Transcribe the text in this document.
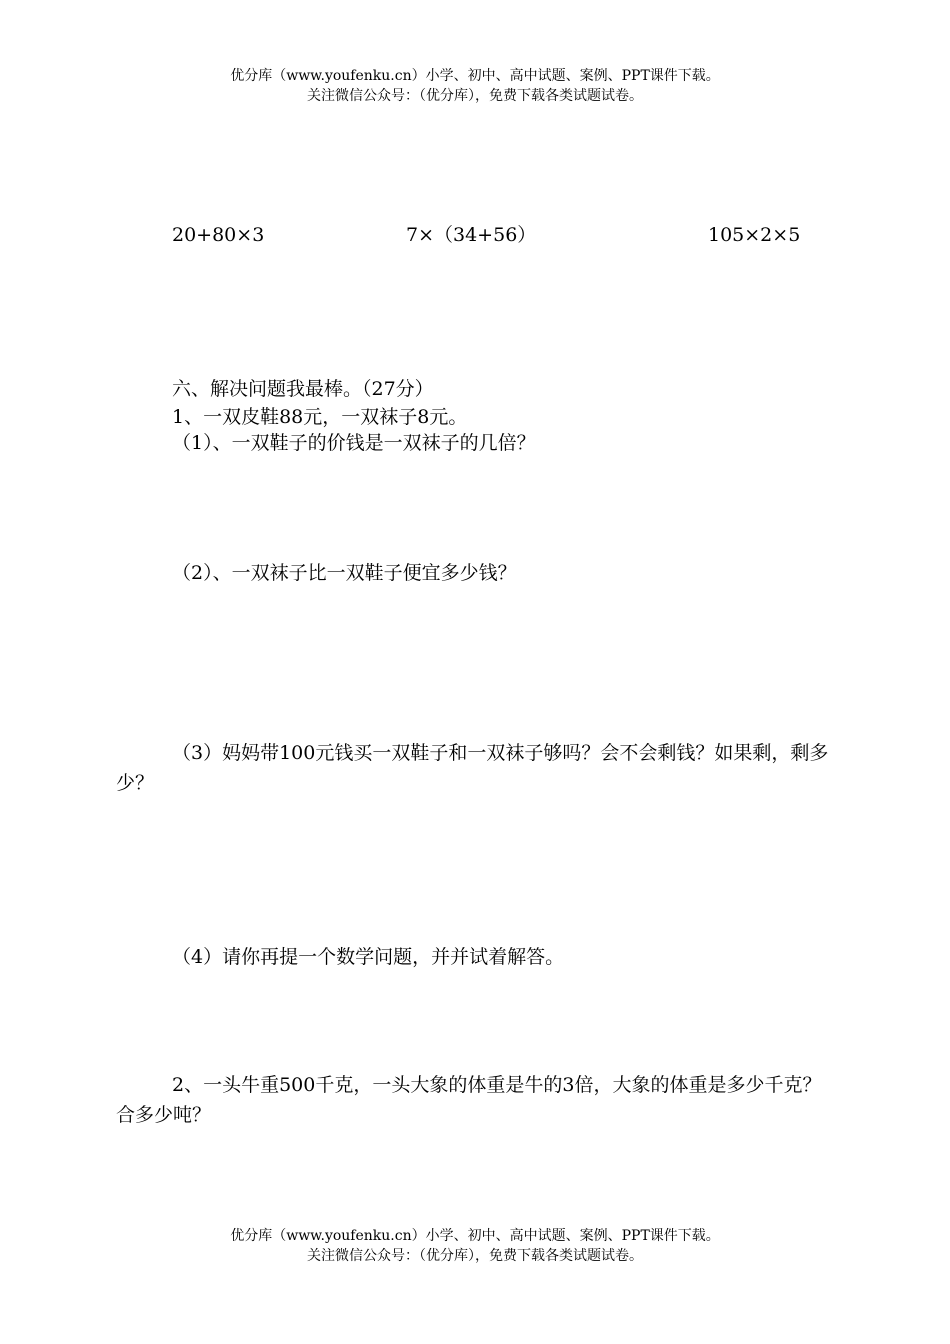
优分库（www.youfenku.cn）小学、初中、高中试题、案例、PPT课件下载。
关注微信公众号：（优分库），免费下载各类试题试卷。
20+80×3	7×（34+56）	105×2×5
六、解决问题我最棒。（27分）
1、一双皮鞋88元，一双袜子8元。
（1）、一双鞋子的价钱是一双袜子的几倍？
（2）、一双袜子比一双鞋子便宜多少钱？
（3）妈妈带100元钱买一双鞋子和一双袜子够吗？会不会剩钱？如果剩，剩多少？
（4）请你再提一个数学问题，并并试着解答。
2、一头牛重500千克，一头大象的体重是牛的3倍，大象的体重是多少千克？合多少吨？
优分库（www.youfenku.cn）小学、初中、高中试题、案例、PPT课件下载。
关注微信公众号：（优分库），免费下载各类试题试卷。
